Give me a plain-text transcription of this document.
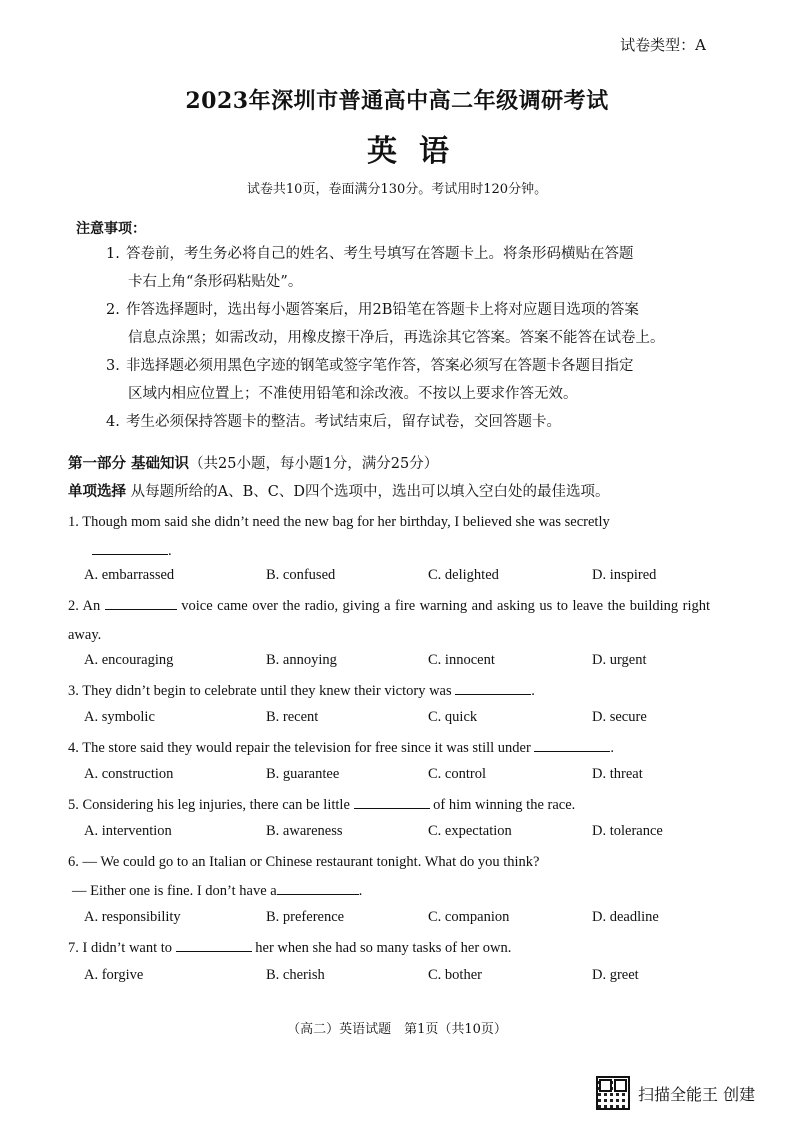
试卷类型：A
2023年深圳市普通高中高二年级调研考试
英语
试卷共10页，卷面满分130分。考试用时120分钟。
注意事项：
1. 答卷前，考生务必将自己的姓名、考生号填写在答题卡上。将条形码横贴在答题
卡右上角“条形码粘贴处”。
2. 作答选择题时，选出每小题答案后，用2B铅笔在答题卡上将对应题目选项的答案
信息点涂黑；如需改动，用橡皮擦干净后，再选涂其它答案。答案不能答在试卷上。
3. 非选择题必须用黑色字迹的钢笔或签字笔作答，答案必须写在答题卡各题目指定
区域内相应位置上；不准使用铅笔和涂改液。不按以上要求作答无效。
4. 考生必须保持答题卡的整洁。考试结束后，留存试卷，交回答题卡。
第一部分 基础知识（共25小题，每小题1分，满分25分）
单项选择 从每题所给的A、B、C、D四个选项中，选出可以填入空白处的最佳选项。
1. Though mom said she didn’t need the new bag for her birthday, I believed she was secretly
.
A. embarrassed	B. confused	C. delighted	D. inspired
2. An	voice came over the radio, giving a fire warning and asking us to leave the building right away.
A. encouraging	B. annoying	C. innocent	D. urgent
3. They didn’t begin to celebrate until they knew their victory was	.
A. symbolic	B. recent	C. quick	D. secure
4. The store said they would repair the television for free since it was still under	.
A. construction	B. guarantee	C. control	D. threat
5. Considering his leg injuries, there can be little	of him winning the race.
A. intervention	B. awareness	C. expectation	D. tolerance
6. — We could go to an Italian or Chinese restaurant tonight. What do you think?
— Either one is fine. I don’t have a	.
A. responsibility	B. preference	C. companion	D. deadline
7. I didn’t want to	her when she had so many tasks of her own.
A. forgive	B. cherish	C. bother	D. greet
（高二）英语试题　第1页（共10页）
扫描全能王 创建
